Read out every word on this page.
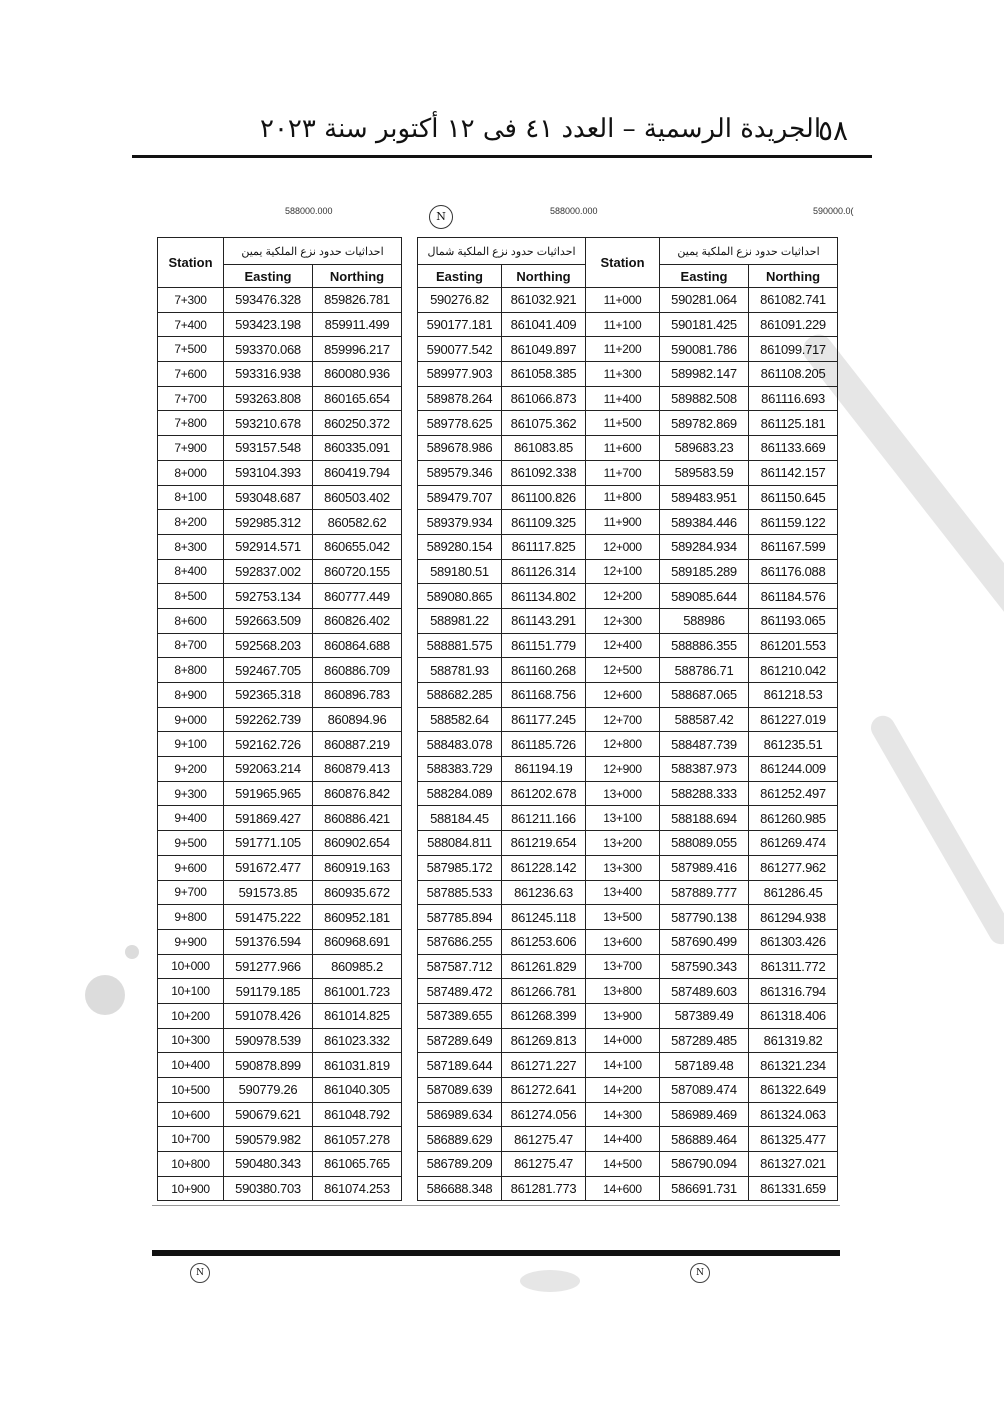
٥٨
الجريدة الرسمية – العدد ٤١ فى ١٢ أكتوبر سنة ٢٠٢٣
588000.000	N	588000.000	590000.0(
Station	احداثيات حدود نزع الملكية يمين	
	Easting	Northing
7+300	593476.328	859826.781
7+400	593423.198	859911.499
7+500	593370.068	859996.217
7+600	593316.938	860080.936
7+700	593263.808	860165.654
7+800	593210.678	860250.372
7+900	593157.548	860335.091
8+000	593104.393	860419.794
8+100	593048.687	860503.402
8+200	592985.312	860582.62
8+300	592914.571	860655.042
8+400	592837.002	860720.155
8+500	592753.134	860777.449
8+600	592663.509	860826.402
8+700	592568.203	860864.688
8+800	592467.705	860886.709
8+900	592365.318	860896.783
9+000	592262.739	860894.96
9+100	592162.726	860887.219
9+200	592063.214	860879.413
9+300	591965.965	860876.842
9+400	591869.427	860886.421
9+500	591771.105	860902.654
9+600	591672.477	860919.163
9+700	591573.85	860935.672
9+800	591475.222	860952.181
9+900	591376.594	860968.691
10+000	591277.966	860985.2
10+100	591179.185	861001.723
10+200	591078.426	861014.825
10+300	590978.539	861023.332
10+400	590878.899	861031.819
10+500	590779.26	861040.305
10+600	590679.621	861048.792
10+700	590579.982	861057.278
10+800	590480.343	861065.765
10+900	590380.703	861074.253
احداثيات حدود نزع الملكية شمال		Station	احداثيات حدود نزع الملكية يمين	
Easting	Northing		Easting	Northing
590276.82	861032.921	11+000	590281.064	861082.741
590177.181	861041.409	11+100	590181.425	861091.229
590077.542	861049.897	11+200	590081.786	861099.717
589977.903	861058.385	11+300	589982.147	861108.205
589878.264	861066.873	11+400	589882.508	861116.693
589778.625	861075.362	11+500	589782.869	861125.181
589678.986	861083.85	11+600	589683.23	861133.669
589579.346	861092.338	11+700	589583.59	861142.157
589479.707	861100.826	11+800	589483.951	861150.645
589379.934	861109.325	11+900	589384.446	861159.122
589280.154	861117.825	12+000	589284.934	861167.599
589180.51	861126.314	12+100	589185.289	861176.088
589080.865	861134.802	12+200	589085.644	861184.576
588981.22	861143.291	12+300	588986	861193.065
588881.575	861151.779	12+400	588886.355	861201.553
588781.93	861160.268	12+500	588786.71	861210.042
588682.285	861168.756	12+600	588687.065	861218.53
588582.64	861177.245	12+700	588587.42	861227.019
588483.078	861185.726	12+800	588487.739	861235.51
588383.729	861194.19	12+900	588387.973	861244.009
588284.089	861202.678	13+000	588288.333	861252.497
588184.45	861211.166	13+100	588188.694	861260.985
588084.811	861219.654	13+200	588089.055	861269.474
587985.172	861228.142	13+300	587989.416	861277.962
587885.533	861236.63	13+400	587889.777	861286.45
587785.894	861245.118	13+500	587790.138	861294.938
587686.255	861253.606	13+600	587690.499	861303.426
587587.712	861261.829	13+700	587590.343	861311.772
587489.472	861266.781	13+800	587489.603	861316.794
587389.655	861268.399	13+900	587389.49	861318.406
587289.649	861269.813	14+000	587289.485	861319.82
587189.644	861271.227	14+100	587189.48	861321.234
587089.639	861272.641	14+200	587089.474	861322.649
586989.634	861274.056	14+300	586989.469	861324.063
586889.629	861275.47	14+400	586889.464	861325.477
586789.209	861275.47	14+500	586790.094	861327.021
586688.348	861281.773	14+600	586691.731	861331.659
N	N
